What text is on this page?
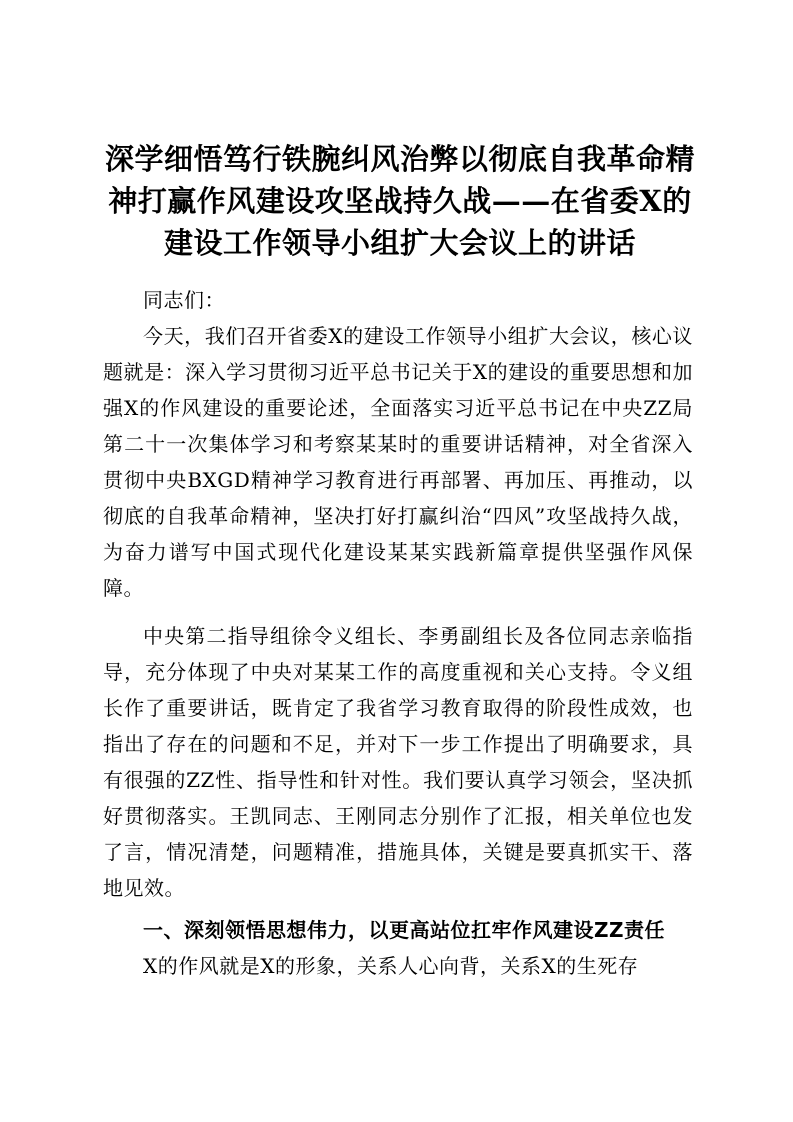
深学细悟笃行铁腕纠风治弊以彻底自我革命精神打赢作风建设攻坚战持久战——在省委X的建设工作领导小组扩大会议上的讲话

同志们：

今天，我们召开省委X的建设工作领导小组扩大会议，核心议题就是：深入学习贯彻习近平总书记关于X的建设的重要思想和加强X的作风建设的重要论述，全面落实习近平总书记在中央ZZ局第二十一次集体学习和考察某某时的重要讲话精神，对全省深入贯彻中央BXGD精神学习教育进行再部署、再加压、再推动，以彻底的自我革命精神，坚决打好打赢纠治“四风”攻坚战持久战，为奋力谱写中国式现代化建设某某实践新篇章提供坚强作风保障。

中央第二指导组徐令义组长、李勇副组长及各位同志亲临指导，充分体现了中央对某某工作的高度重视和关心支持。令义组长作了重要讲话，既肯定了我省学习教育取得的阶段性成效，也指出了存在的问题和不足，并对下一步工作提出了明确要求，具有很强的ZZ性、指导性和针对性。我们要认真学习领会，坚决抓好贯彻落实。王凯同志、王刚同志分别作了汇报，相关单位也发了言，情况清楚，问题精准，措施具体，关键是要真抓实干、落地见效。

一、深刻领悟思想伟力，以更高站位扛牢作风建设ZZ责任

X的作风就是X的形象，关系人心向背，关系X的生死存
